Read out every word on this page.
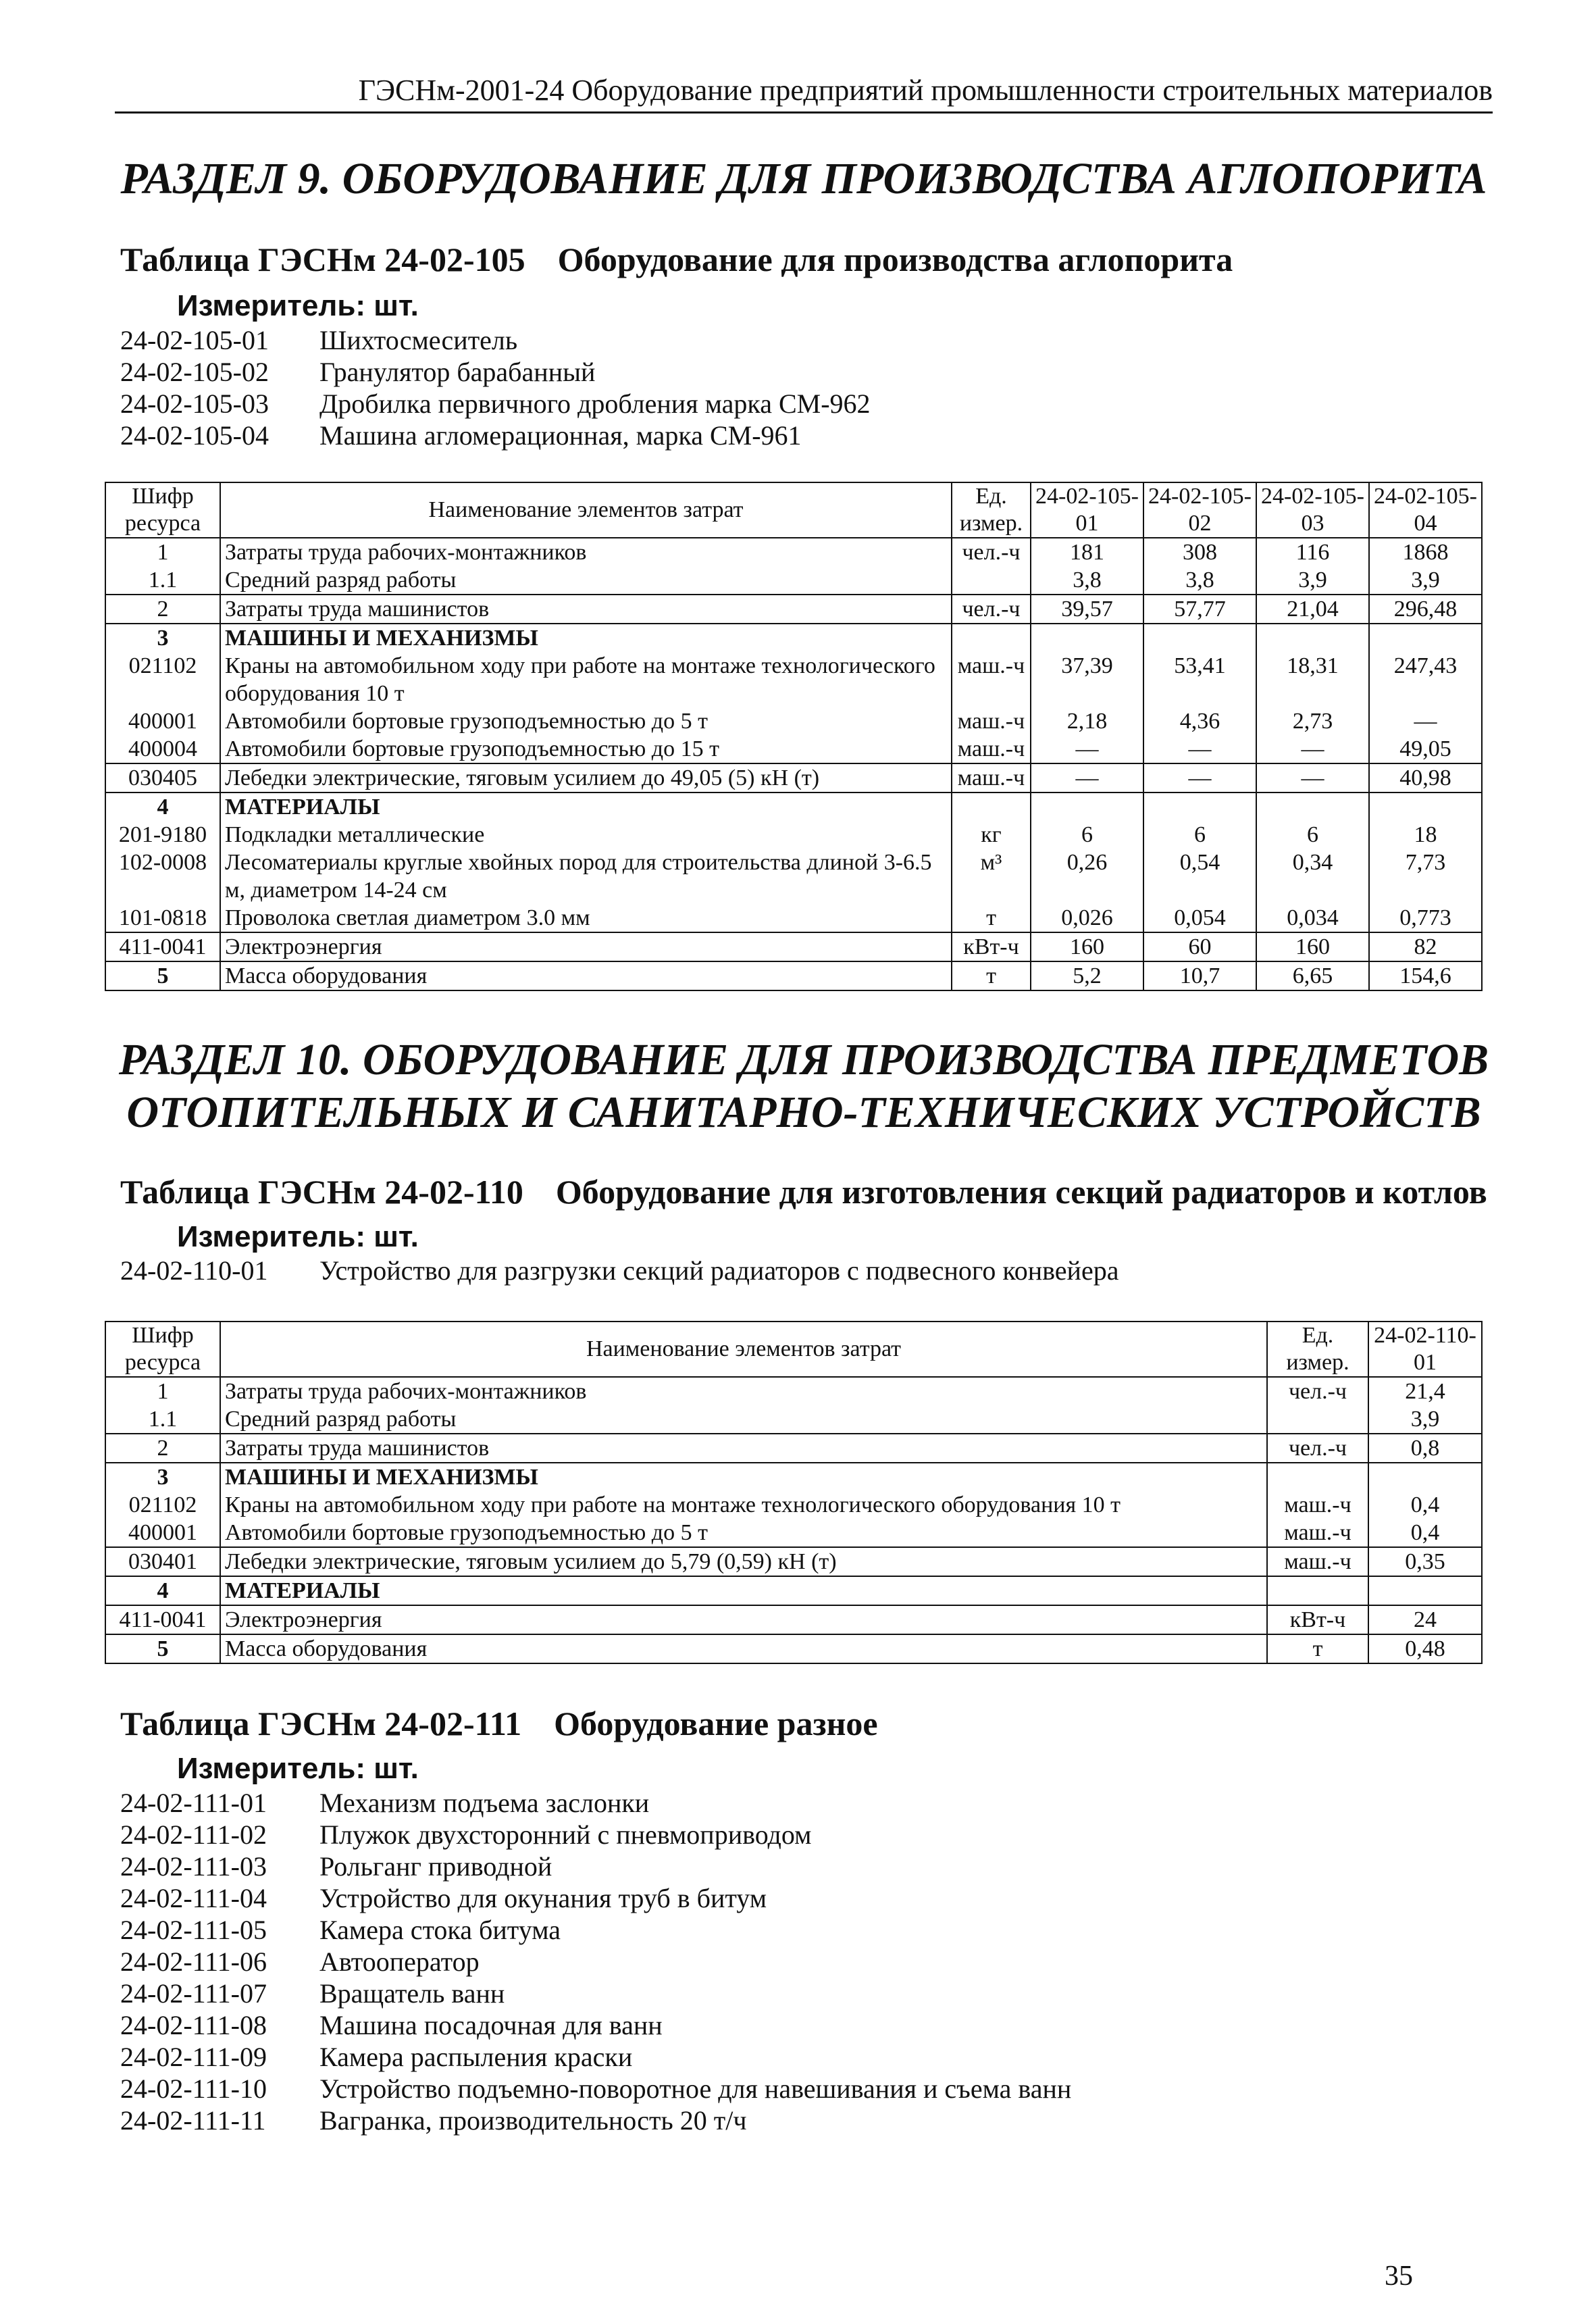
ГЭСНм-2001-24 Оборудование предприятий промышленности строительных материалов
РАЗДЕЛ 9. ОБОРУДОВАНИЕ ДЛЯ ПРОИЗВОДСТВА АГЛОПОРИТА
Таблица ГЭСНм 24-02-105 Оборудование для производства аглопорита
Измеритель: шт.
24-02-105-01 Шихтосмеситель
24-02-105-02 Гранулятор барабанный
24-02-105-03 Дробилка первичного дробления марка СМ-962
24-02-105-04 Машина агломерационная, марка СМ-961
Шифр ресурса	Наименование элементов затрат	Ед. измер.	24-02-105-01	24-02-105-02	24-02-105-03	24-02-105-04
1	Затраты труда рабочих-монтажников	чел.-ч	181	308	116	1868
1.1	Средний разряд работы		3,8	3,8	3,9	3,9
2	Затраты труда машинистов	чел.-ч	39,57	57,77	21,04	296,48
3	МАШИНЫ И МЕХАНИЗМЫ					
021102	Краны на автомобильном ходу при работе на монтаже технологического оборудования 10 т	маш.-ч	37,39	53,41	18,31	247,43
400001	Автомобили бортовые грузоподъемностью до 5 т	маш.-ч	2,18	4,36	2,73	—
400004	Автомобили бортовые грузоподъемностью до 15 т	маш.-ч	—	—	—	49,05
030405	Лебедки электрические, тяговым усилием до 49,05 (5) кН (т)	маш.-ч	—	—	—	40,98
4	МАТЕРИАЛЫ					
201-9180	Подкладки металлические	кг	6	6	6	18
102-0008	Лесоматериалы круглые хвойных пород для строительства длиной 3-6.5 м, диаметром 14-24 см	м³	0,26	0,54	0,34	7,73
101-0818	Проволока светлая диаметром 3.0 мм	т	0,026	0,054	0,034	0,773
411-0041	Электроэнергия	кВт-ч	160	60	160	82
5	Масса оборудования	т	5,2	10,7	6,65	154,6
РАЗДЕЛ 10. ОБОРУДОВАНИЕ ДЛЯ ПРОИЗВОДСТВА ПРЕДМЕТОВ
ОТОПИТЕЛЬНЫХ И САНИТАРНО-ТЕХНИЧЕСКИХ УСТРОЙСТВ
Таблица ГЭСНм 24-02-110 Оборудование для изготовления секций радиаторов и котлов
Измеритель: шт.
24-02-110-01 Устройство для разгрузки секций радиаторов с подвесного конвейера
Шифр ресурса	Наименование элементов затрат	Ед. измер.	24-02-110-01
1	Затраты труда рабочих-монтажников	чел.-ч	21,4
1.1	Средний разряд работы		3,9
2	Затраты труда машинистов	чел.-ч	0,8
3	МАШИНЫ И МЕХАНИЗМЫ		
021102	Краны на автомобильном ходу при работе на монтаже технологического оборудования 10 т	маш.-ч	0,4
400001	Автомобили бортовые грузоподъемностью до 5 т	маш.-ч	0,4
030401	Лебедки электрические, тяговым усилием до 5,79 (0,59) кН (т)	маш.-ч	0,35
4	МАТЕРИАЛЫ		
411-0041	Электроэнергия	кВт-ч	24
5	Масса оборудования	т	0,48
Таблица ГЭСНм 24-02-111 Оборудование разное
Измеритель: шт.
24-02-111-01 Механизм подъема заслонки
24-02-111-02 Плужок двухсторонний с пневмоприводом
24-02-111-03 Рольганг приводной
24-02-111-04 Устройство для окунания труб в битум
24-02-111-05 Камера стока битума
24-02-111-06 Автооператор
24-02-111-07 Вращатель ванн
24-02-111-08 Машина посадочная для ванн
24-02-111-09 Камера распыления краски
24-02-111-10 Устройство подъемно-поворотное для навешивания и съема ванн
24-02-111-11 Вагранка, производительность 20 т/ч
35
